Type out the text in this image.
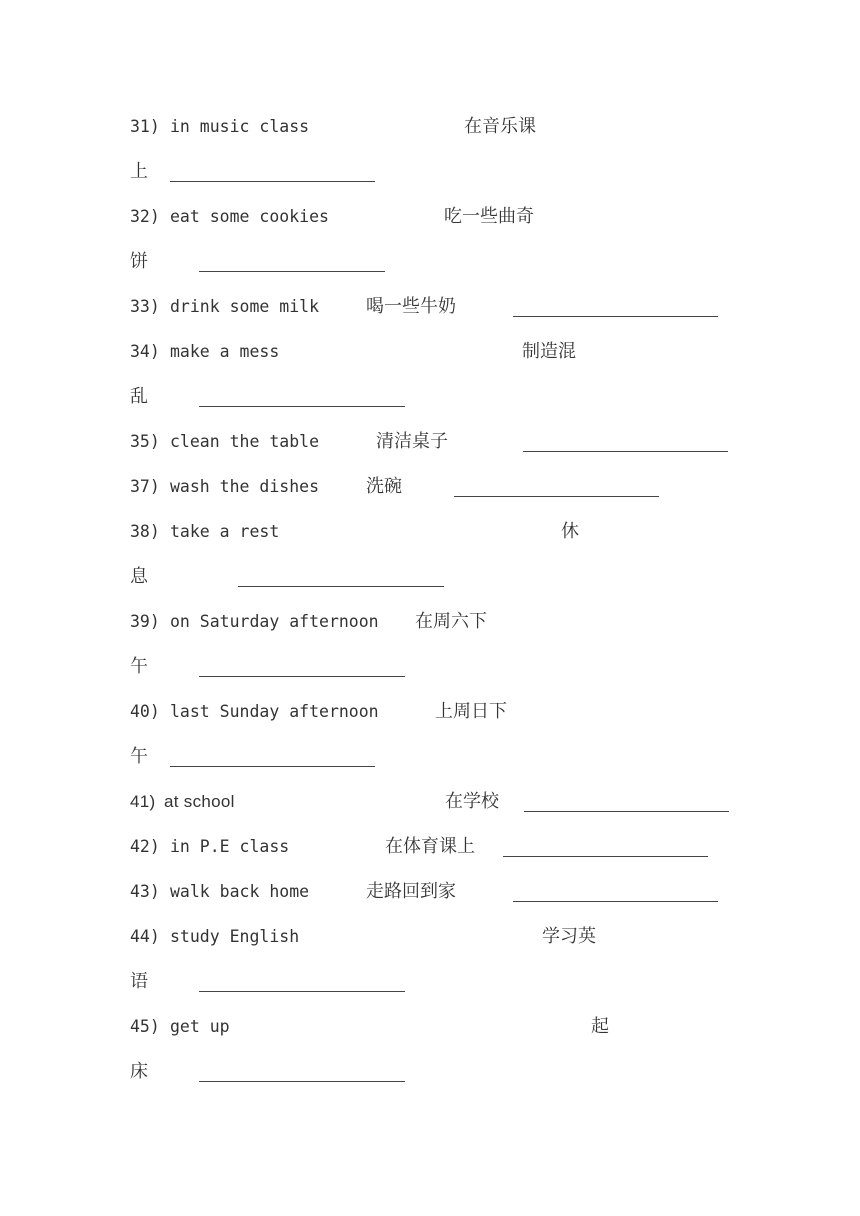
31) in music class	在音乐课
上
32) eat some cookies	吃一些曲奇
饼
33) drink some milk	喝一些牛奶
34) make a mess	制造混
乱
35) clean the table	清洁桌子
37) wash the dishes	洗碗
38) take a rest	休
息
39) on Saturday afternoon 在周六下
午
40) last Sunday afternoon	上周日下
午
41) at school	在学校
42) in P.E class	在体育课上
43) walk back home	走路回到家
44) study English	学习英
语
45) get up	起
床
